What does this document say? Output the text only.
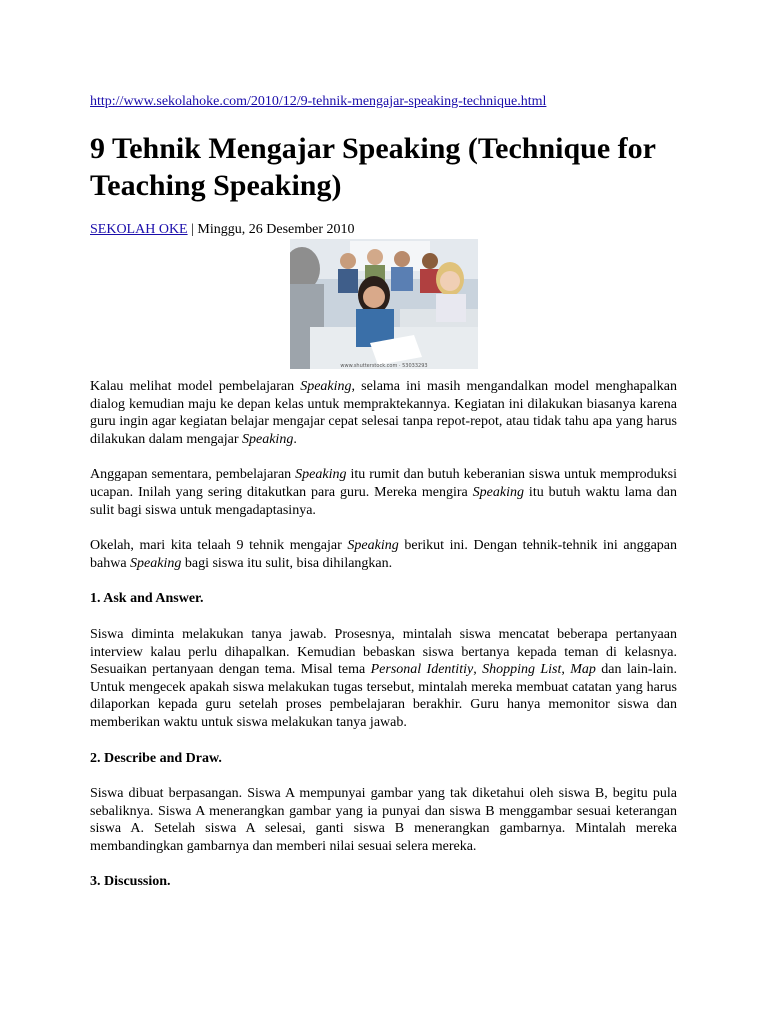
http://www.sekolahoke.com/2010/12/9-tehnik-mengajar-speaking-technique.html
9 Tehnik Mengajar Speaking (Technique for Teaching Speaking)
SEKOLAH OKE | Minggu, 26 Desember 2010
www.shutterstock.com · 53033293

Kalau melihat model pembelajaran Speaking, selama ini masih mengandalkan model menghapalkan dialog kemudian maju ke depan kelas untuk mempraktekannya. Kegiatan ini dilakukan biasanya karena guru ingin agar kegiatan belajar mengajar cepat selesai tanpa repot-repot, atau tidak tahu apa yang harus dilakukan dalam mengajar Speaking.

Anggapan sementara, pembelajaran Speaking itu rumit dan butuh keberanian siswa untuk memproduksi ucapan. Inilah yang sering ditakutkan para guru. Mereka mengira Speaking itu butuh waktu lama dan sulit bagi siswa untuk mengadaptasinya.

Okelah, mari kita telaah 9 tehnik mengajar Speaking berikut ini. Dengan tehnik-tehnik ini anggapan bahwa Speaking bagi siswa itu sulit, bisa dihilangkan.

1. Ask and Answer.

Siswa diminta melakukan tanya jawab. Prosesnya, mintalah siswa mencatat beberapa pertanyaan interview kalau perlu dihapalkan. Kemudian bebaskan siswa bertanya kepada teman di kelasnya. Sesuaikan pertanyaan dengan tema. Misal tema Personal Identitiy, Shopping List, Map dan lain-lain. Untuk mengecek apakah siswa melakukan tugas tersebut, mintalah mereka membuat catatan yang harus dilaporkan kepada guru setelah proses pembelajaran berakhir. Guru hanya memonitor siswa dan memberikan waktu untuk siswa melakukan tanya jawab.

2. Describe and Draw.

Siswa dibuat berpasangan. Siswa A mempunyai gambar yang tak diketahui oleh siswa B, begitu pula sebaliknya. Siswa A menerangkan gambar yang ia punyai dan siswa B menggambar sesuai keterangan siswa A. Setelah siswa A selesai, ganti siswa B menerangkan gambarnya. Mintalah mereka membandingkan gambarnya dan memberi nilai sesuai selera mereka.

3. Discussion.
